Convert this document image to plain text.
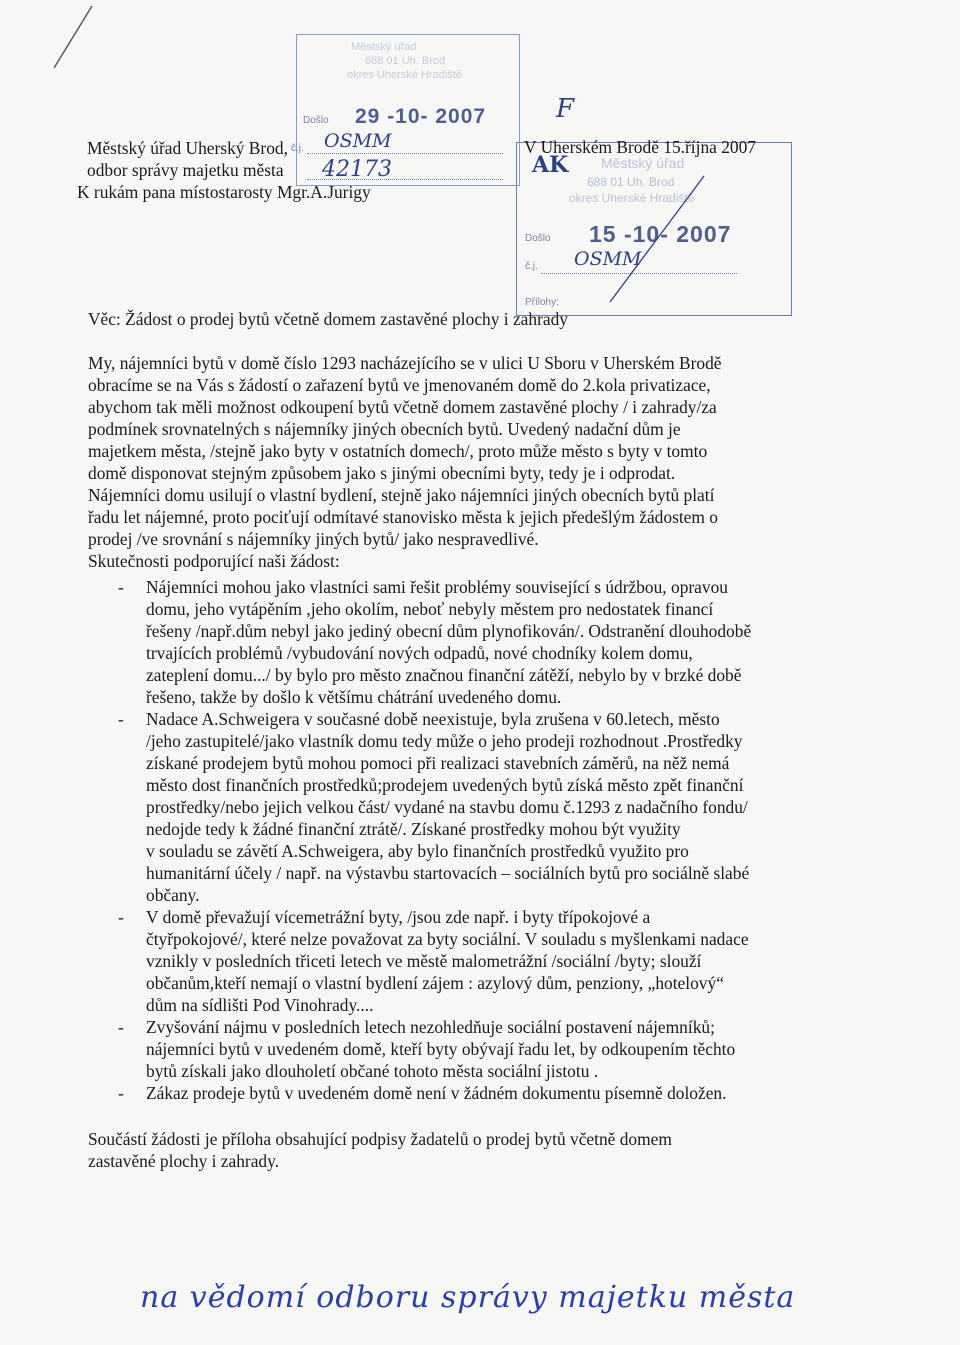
Městský úřad
688 01 Uh. Brod
okres Uherské Hradiště
Došlo 29 -10- 2007
č.j. OSMM
42173	Městský úřad
688 01 Uh. Brod
okres Uherské Hradiště
Došlo 15 -10- 2007
č.j.
Přílohy:
OSMM
F
AK
Městský úřad Uherský Brod,
odbor správy majetku města
K rukám pana místostarosty Mgr.A.Jurigy
V Uherském Brodě 15.října 2007
Věc: Žádost o prodej bytů včetně domem zastavěné plochy i zahrady
My, nájemníci bytů v domě číslo 1293 nacházejícího se v ulici U Sboru v Uherském Brodě
obracíme se na Vás s žádostí o zařazení bytů ve jmenovaném domě do 2.kola privatizace,
abychom tak měli možnost odkoupení bytů včetně domem zastavěné plochy / i zahrady/za
podmínek srovnatelných s nájemníky jiných obecních bytů. Uvedený nadační dům je
majetkem města, /stejně jako byty v ostatních domech/, proto může město s byty v tomto
domě disponovat stejným způsobem jako s jinými obecními byty, tedy je i odprodat.
Nájemníci domu usilují o vlastní bydlení, stejně jako nájemníci jiných obecních bytů platí
řadu let nájemné, proto pociťují odmítavé stanovisko města k jejich předešlým žádostem o
prodej /ve srovnání s nájemníky jiných bytů/ jako nespravedlivé.
Skutečnosti podporující naši žádost:
- Nájemníci mohou jako vlastníci sami řešit problémy související s údržbou, opravou
domu, jeho vytápěním ,jeho okolím, neboť nebyly městem pro nedostatek financí
řešeny /např.dům nebyl jako jediný obecní dům plynofikován/. Odstranění dlouhodobě
trvajících problémů /vybudování nových odpadů, nové chodníky kolem domu,
zateplení domu.../ by bylo pro město značnou finanční zátěží, nebylo by v brzké době
řešeno, takže by došlo k většímu chátrání uvedeného domu.
- Nadace A.Schweigera v současné době neexistuje, byla zrušena v 60.letech, město
/jeho zastupitelé/jako vlastník domu tedy může o jeho prodeji rozhodnout .Prostředky
získané prodejem bytů mohou pomoci při realizaci stavebních záměrů, na něž nemá
město dost finančních prostředků;prodejem uvedených bytů získá město zpět finanční
prostředky/nebo jejich velkou část/ vydané na stavbu domu č.1293 z nadačního fondu/
nedojde tedy k žádné finanční ztrátě/. Získané prostředky mohou být využity
v souladu se závětí A.Schweigera, aby bylo finančních prostředků využito pro
humanitární účely / např. na výstavbu startovacích – sociálních bytů pro sociálně slabé
občany.
- V domě převažují vícemetrážní byty, /jsou zde např. i byty třípokojové a
čtyřpokojové/, které nelze považovat za byty sociální. V souladu s myšlenkami nadace
vznikly v posledních třiceti letech ve městě malometrážní /sociální /byty; slouží
občanům,kteří nemají o vlastní bydlení zájem : azylový dům, penziony, „hotelový“
dům na sídlišti Pod Vinohrady....
- Zvyšování nájmu v posledních letech nezohledňuje sociální postavení nájemníků;
nájemníci bytů v uvedeném domě, kteří byty obývají řadu let, by odkoupením těchto
bytů získali jako dlouholetí občané tohoto města sociální jistotu .
- Zákaz prodeje bytů v uvedeném domě není v žádném dokumentu písemně doložen.
Součástí žádosti je příloha obsahující podpisy žadatelů o prodej bytů včetně domem
zastavěné plochy i zahrady.
na vědomí odboru správy majetku města
